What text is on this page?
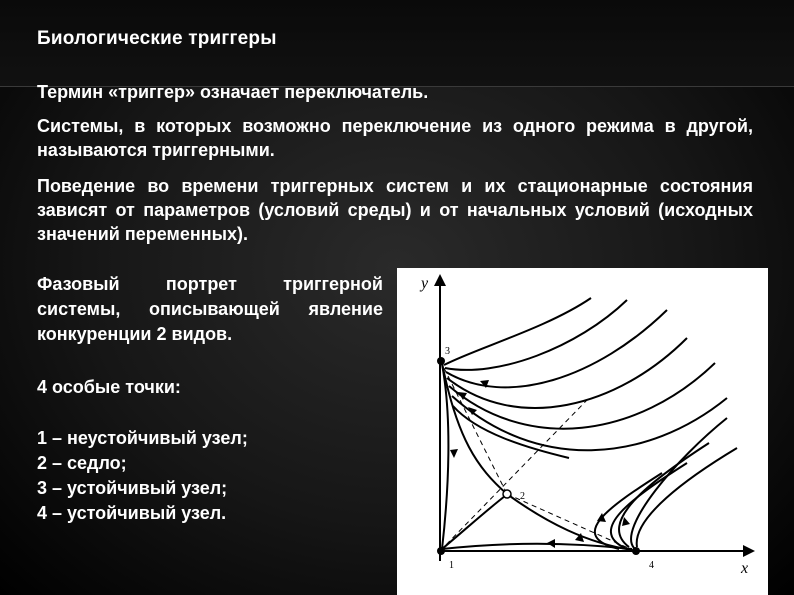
Биологические триггеры
Термин «триггер» означает переключатель.
Системы, в которых возможно переключение из одного режима в другой, называются триггерными.
Поведение во времени триггерных систем и их стационарные состояния зависят от параметров (условий среды) и от начальных условий (исходных значений переменных).
Фазовый портрет триггерной системы, описывающей явление конкуренции 2 видов.
4 особые точки:
1 – неустойчивый узел;
2 – седло;
3 – устойчивый узел;
4 – устойчивый узел.
y
x
1
2
3
4
